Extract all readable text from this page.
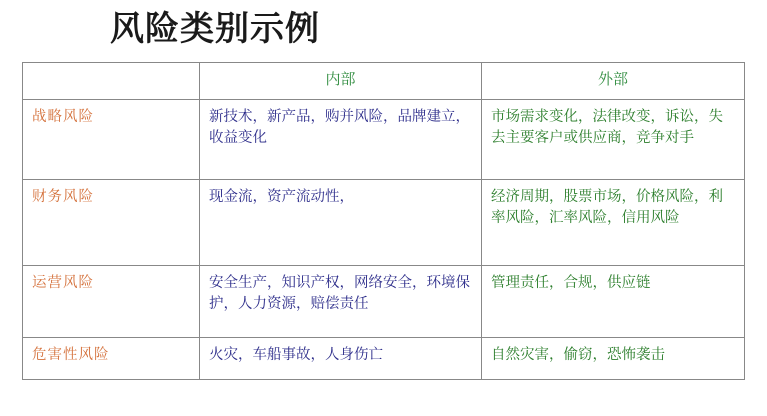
风险类别示例
	内部	外部
战略风险	新技术，新产品，购并风险，品牌建立，收益变化	市场需求变化，法律改变，诉讼，失去主要客户或供应商，竞争对手
财务风险	现金流，资产流动性，	经济周期，股票市场，价格风险，利率风险，汇率风险，信用风险
运营风险	安全生产，知识产权，网络安全，环境保护，人力资源，赔偿责任	管理责任，合规，供应链
危害性风险	火灾，车船事故，人身伤亡	自然灾害，偷窃，恐怖袭击
